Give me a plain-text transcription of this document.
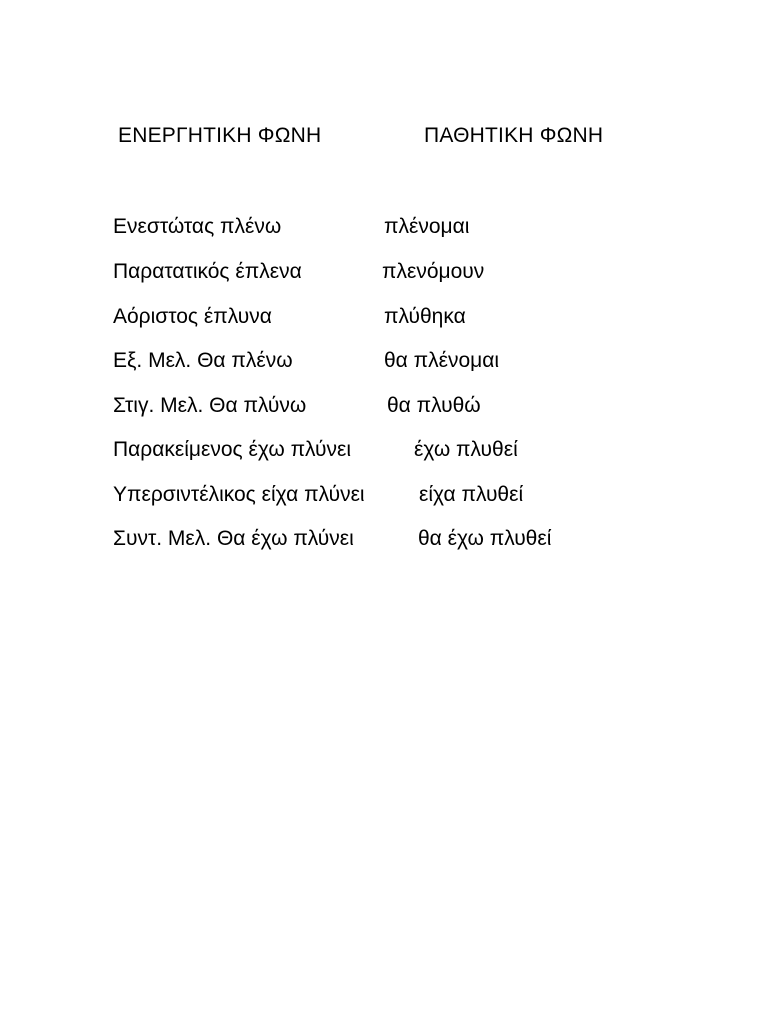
ΕΝΕΡΓΗΤΙΚΗ ΦΩΝΗ	ΠΑΘΗΤΙΚΗ ΦΩΝΗ
Ενεστώτας πλένω	πλένομαι
Παρατατικός έπλενα	πλενόμουν
Αόριστος έπλυνα	πλύθηκα
Εξ. Μελ. Θα πλένω	θα πλένομαι
Στιγ. Μελ. Θα πλύνω	θα πλυθώ
Παρακείμενος έχω πλύνει	έχω πλυθεί
Υπερσιντέλικος είχα πλύνει	είχα πλυθεί
Συντ. Μελ. Θα έχω πλύνει	θα έχω πλυθεί
